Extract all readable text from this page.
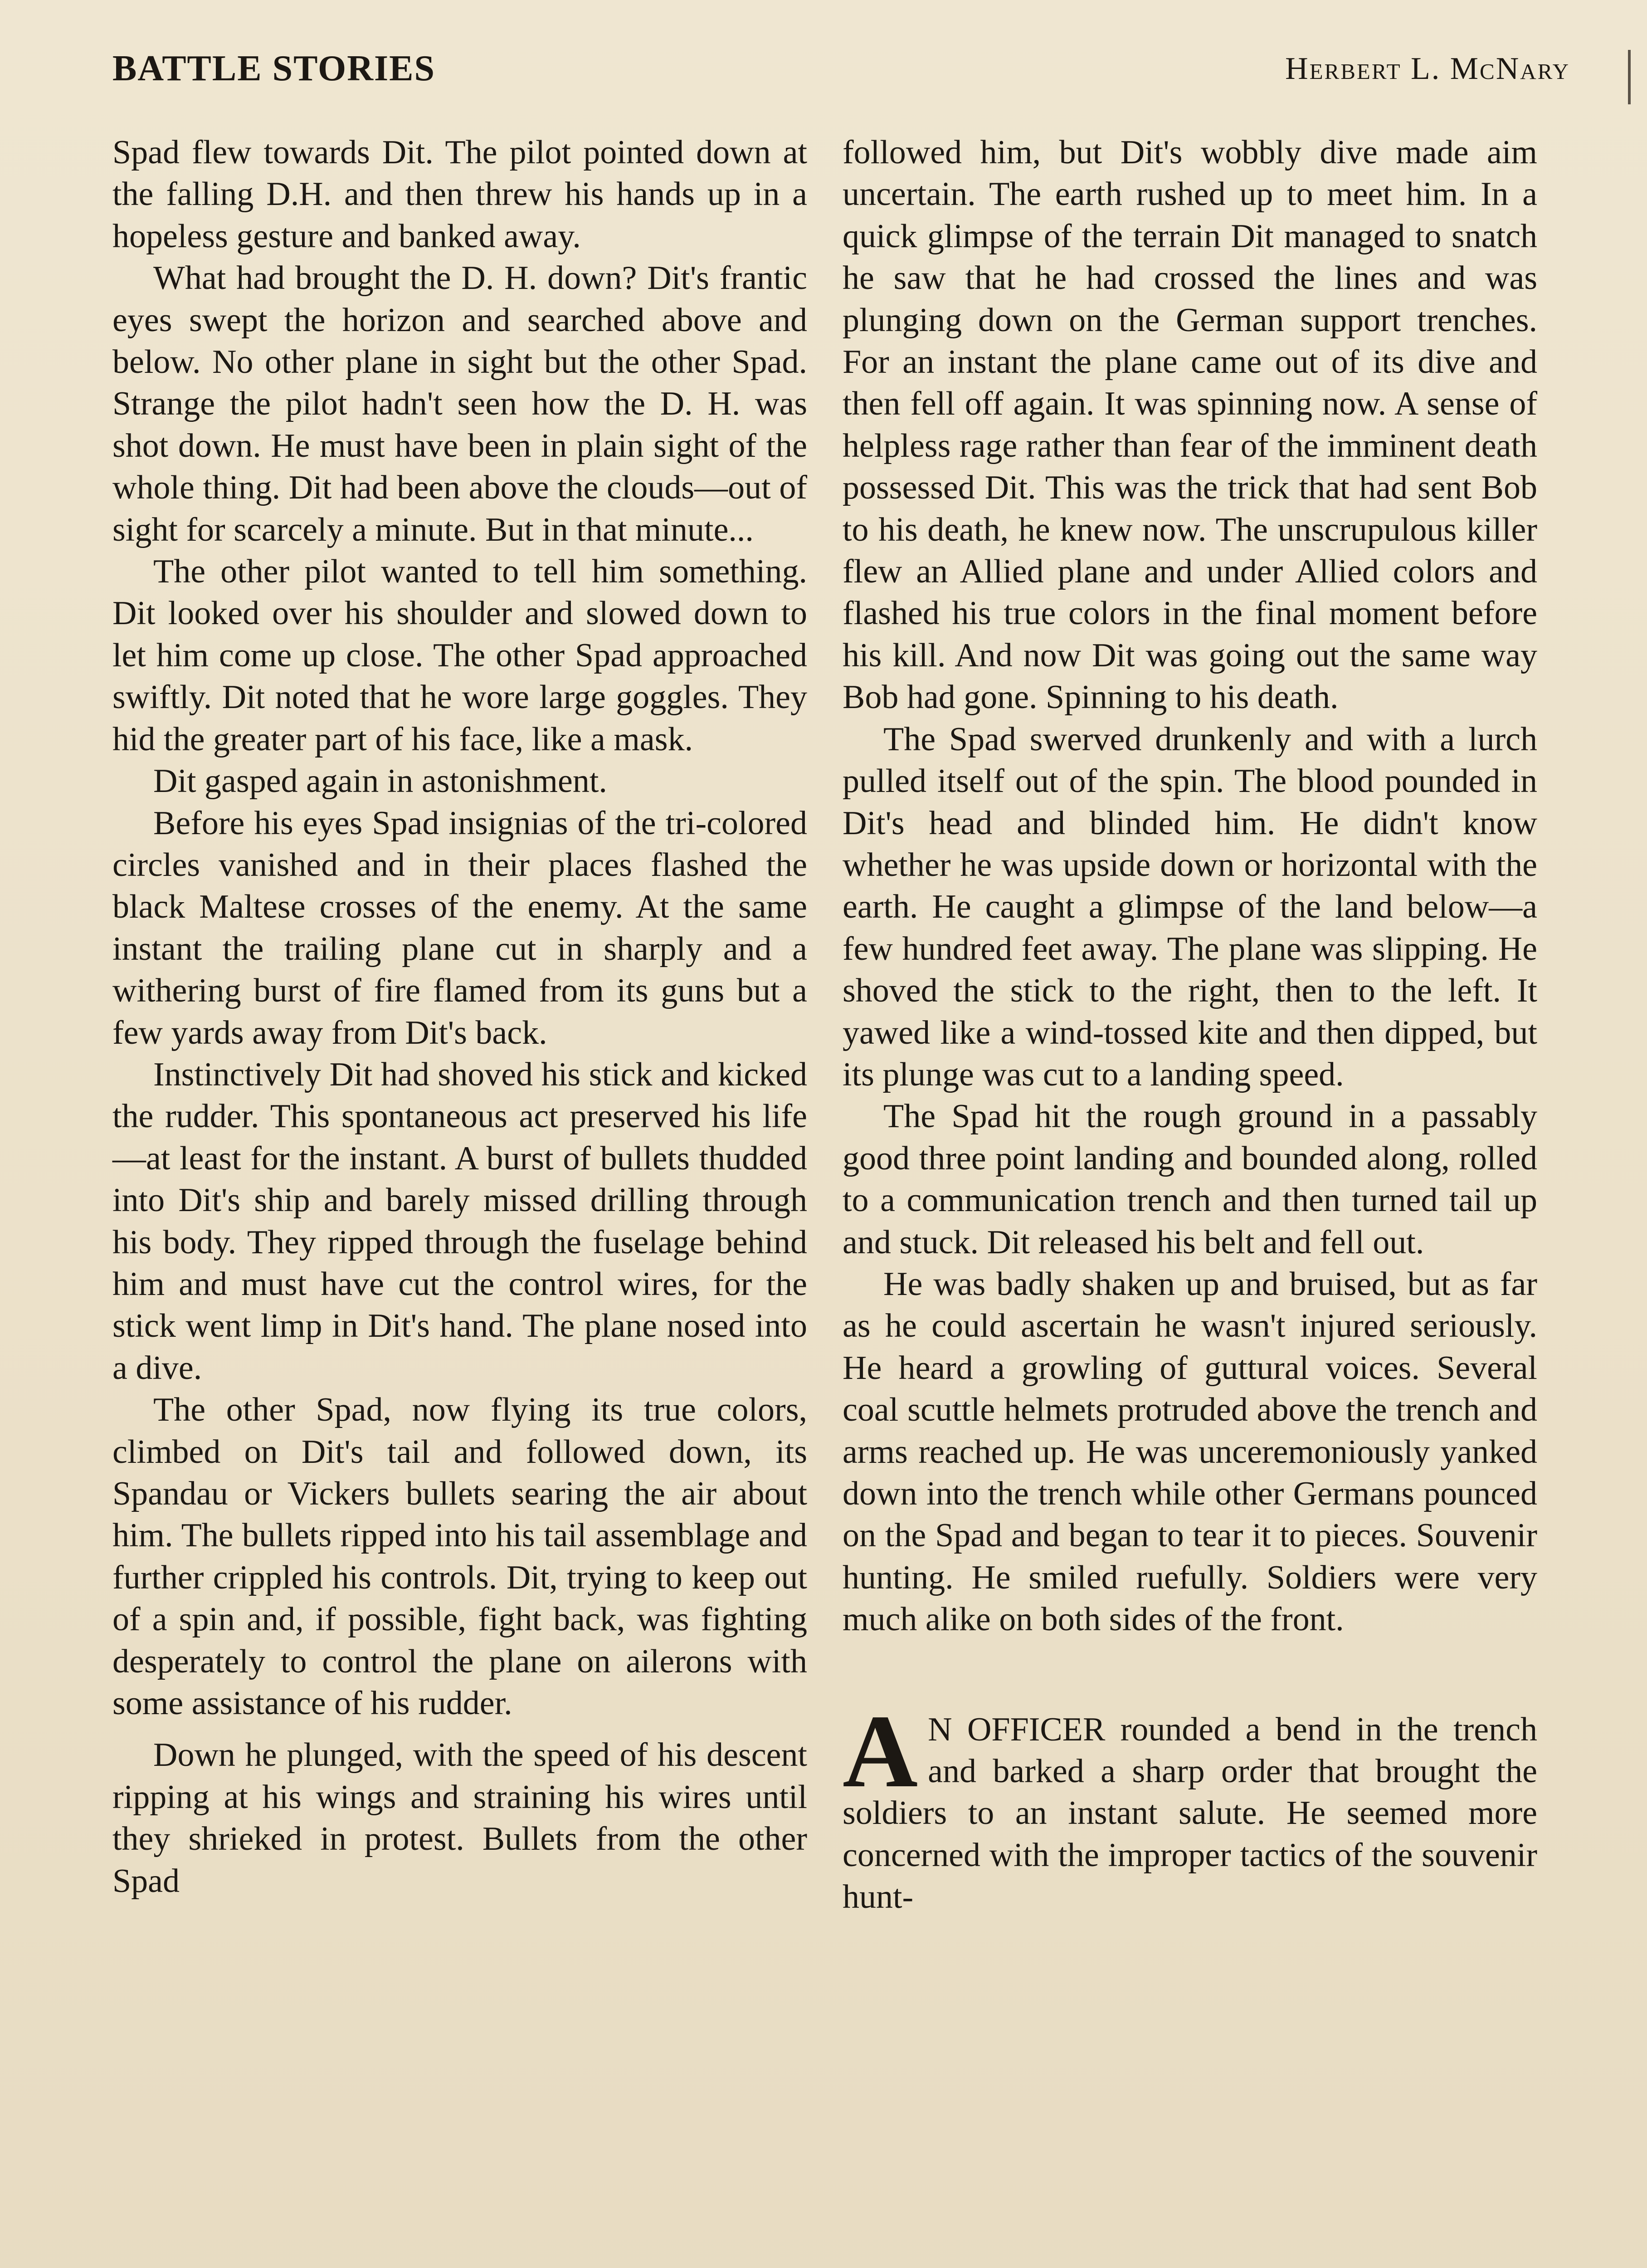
BATTLE STORIES	Herbert L. McNary

Spad flew towards Dit. The pilot pointed down at the falling D.H. and then threw his hands up in a hopeless gesture and banked away.

What had brought the D. H. down? Dit's frantic eyes swept the horizon and searched above and below. No other plane in sight but the other Spad. Strange the pilot hadn't seen how the D. H. was shot down. He must have been in plain sight of the whole thing. Dit had been above the clouds—out of sight for scarcely a minute. But in that minute...

The other pilot wanted to tell him something. Dit looked over his shoulder and slowed down to let him come up close. The other Spad approached swiftly. Dit noted that he wore large goggles. They hid the greater part of his face, like a mask.

Dit gasped again in astonishment.

Before his eyes Spad insignias of the tri-colored circles vanished and in their places flashed the black Maltese crosses of the enemy. At the same instant the trailing plane cut in sharply and a withering burst of fire flamed from its guns but a few yards away from Dit's back.

Instinctively Dit had shoved his stick and kicked the rudder. This spontaneous act preserved his life—at least for the instant. A burst of bullets thudded into Dit's ship and barely missed drilling through his body. They ripped through the fuselage behind him and must have cut the control wires, for the stick went limp in Dit's hand. The plane nosed into a dive.

The other Spad, now flying its true colors, climbed on Dit's tail and followed down, its Spandau or Vickers bullets searing the air about him. The bullets ripped into his tail assemblage and further crippled his controls. Dit, trying to keep out of a spin and, if possible, fight back, was fighting desperately to control the plane on ailerons with some assistance of his rudder.

Down he plunged, with the speed of his descent ripping at his wings and straining his wires until they shrieked in protest. Bullets from the other Spad

followed him, but Dit's wobbly dive made aim uncertain. The earth rushed up to meet him. In a quick glimpse of the terrain Dit managed to snatch he saw that he had crossed the lines and was plunging down on the German support trenches. For an instant the plane came out of its dive and then fell off again. It was spinning now. A sense of helpless rage rather than fear of the imminent death possessed Dit. This was the trick that had sent Bob to his death, he knew now. The unscrupulous killer flew an Allied plane and under Allied colors and flashed his true colors in the final moment before his kill. And now Dit was going out the same way Bob had gone. Spinning to his death.

The Spad swerved drunkenly and with a lurch pulled itself out of the spin. The blood pounded in Dit's head and blinded him. He didn't know whether he was upside down or horizontal with the earth. He caught a glimpse of the land below—a few hundred feet away. The plane was slipping. He shoved the stick to the right, then to the left. It yawed like a wind-tossed kite and then dipped, but its plunge was cut to a landing speed.

The Spad hit the rough ground in a passably good three point landing and bounded along, rolled to a communication trench and then turned tail up and stuck. Dit released his belt and fell out.

He was badly shaken up and bruised, but as far as he could ascertain he wasn't injured seriously. He heard a growling of guttural voices. Several coal scuttle helmets protruded above the trench and arms reached up. He was unceremoniously yanked down into the trench while other Germans pounced on the Spad and began to tear it to pieces. Souvenir hunting. He smiled ruefully. Soldiers were very much alike on both sides of the front.

A N OFFICER rounded a bend in the trench and barked a sharp order that brought the soldiers to an instant salute. He seemed more concerned with the improper tactics of the souvenir hunt-
